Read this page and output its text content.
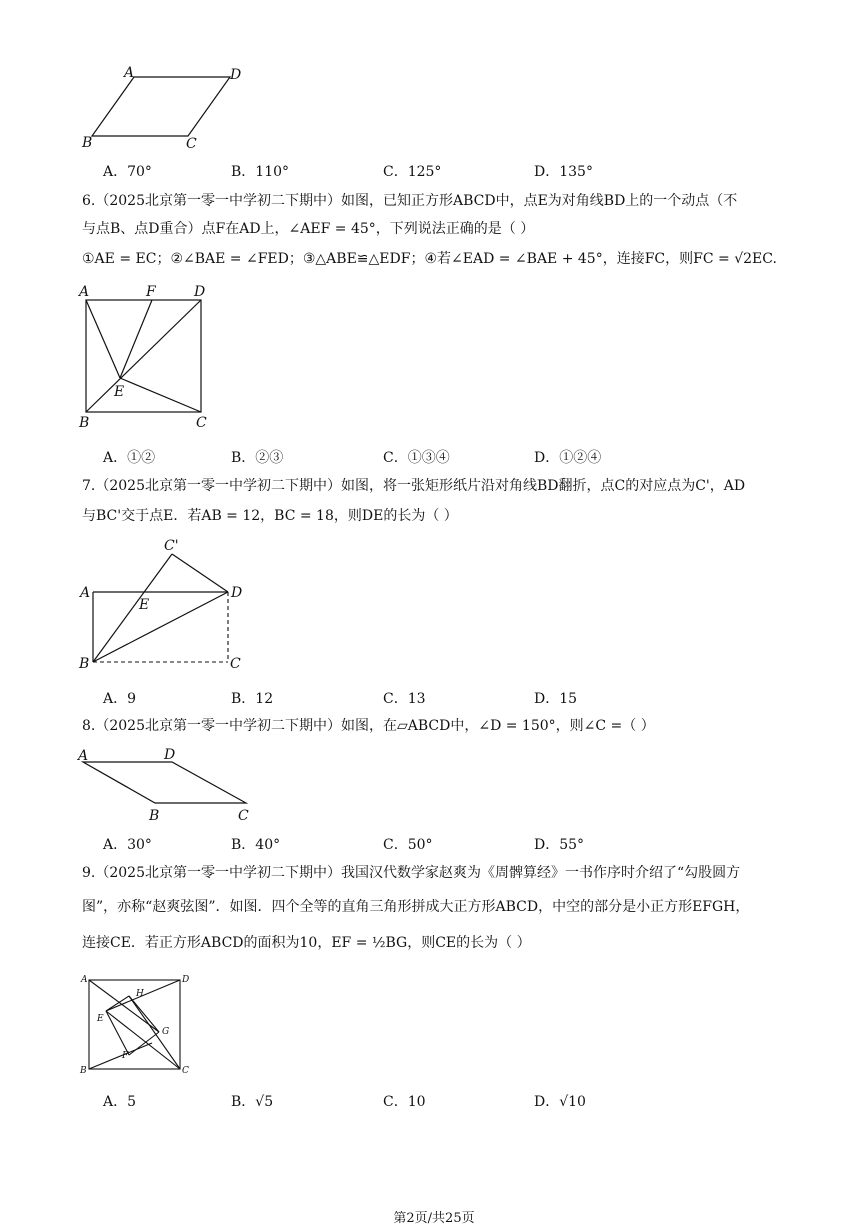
A	D
B	C
A．70°	B．110°	C．125°	D．135°
6.（2025北京第一零一中学初二下期中）如图，已知正方形ABCD中，点E为对角线BD上的一个动点（不
与点B、点D重合）点F在AD上，∠AEF = 45°，下列说法正确的是（ ）
①AE = EC；②∠BAE = ∠FED；③△ABE≌△EDF；④若∠EAD = ∠BAE + 45°，连接FC，则FC = √2EC.
A	F	D
E
B	C
A．①②	B．②③	C．①③④	D．①②④
7.（2025北京第一零一中学初二下期中）如图，将一张矩形纸片沿对角线BD翻折，点C的对应点为C'，AD
与BC'交于点E．若AB = 12，BC = 18，则DE的长为（ ）
C'
A
E
D
B	C
A．9	B．12	C．13	D．15
8.（2025北京第一零一中学初二下期中）如图，在▱ABCD中，∠D = 150°，则∠C =（ ）
A	D
B	C
A．30°	B．40°	C．50°	D．55°
9.（2025北京第一零一中学初二下期中）我国汉代数学家赵爽为《周髀算经》一书作序时介绍了“勾股圆方
图”，亦称“赵爽弦图”．如图．四个全等的直角三角形拼成大正方形ABCD，中空的部分是小正方形EFGH，
连接CE．若正方形ABCD的面积为10，EF = ½BG，则CE的长为（ ）
A	D
H
E
G
F
B	C
A．5	B．√5	C．10	D．√10
第2页/共25页
